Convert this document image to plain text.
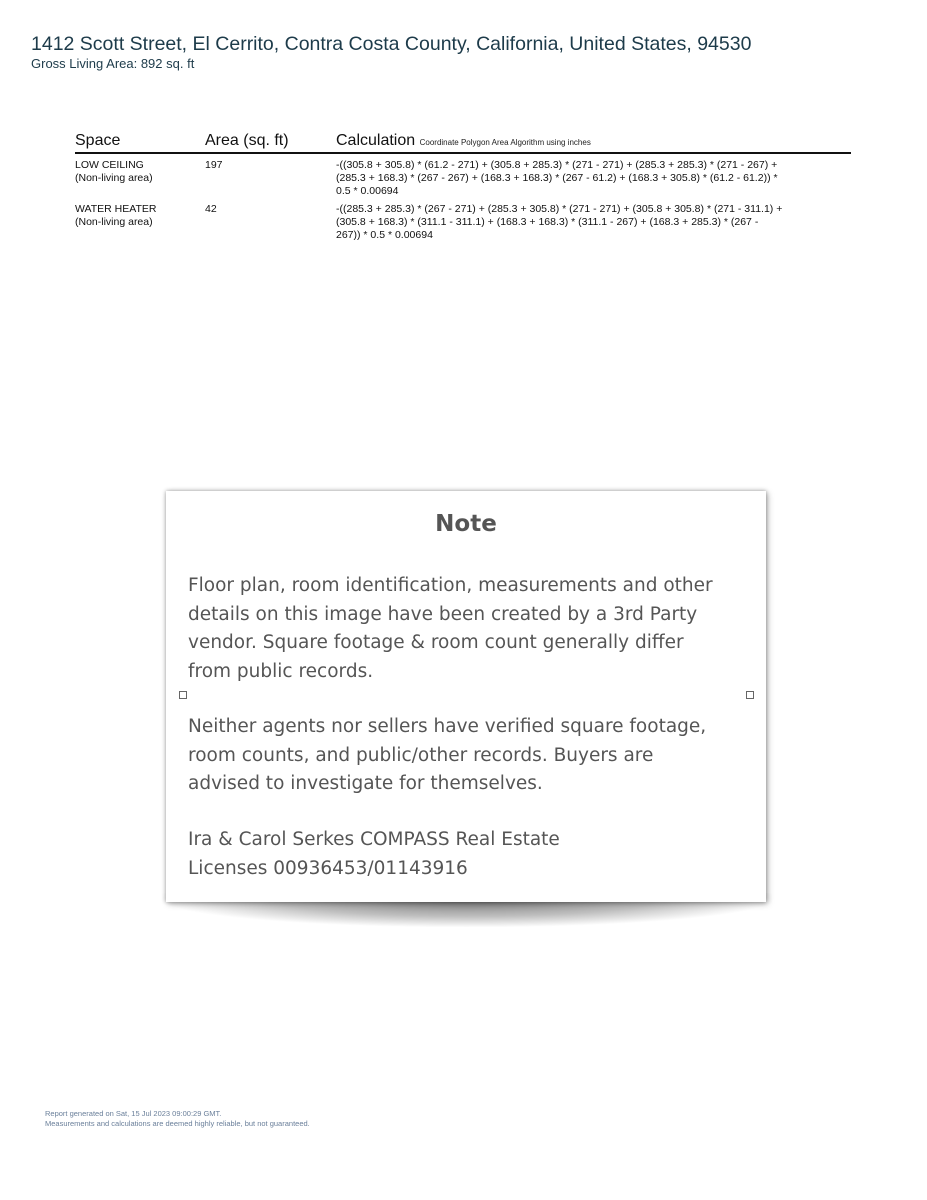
1412 Scott Street, El Cerrito, Contra Costa County, California, United States, 94530
Gross Living Area: 892 sq. ft
Space	Area (sq. ft)	Calculation Coordinate Polygon Area Algorithm using inches

LOW CEILING
(Non-living area)	197	-((305.8 + 305.8) * (61.2 - 271) + (305.8 + 285.3) * (271 - 271) + (285.3 + 285.3) * (271 - 267) +
(285.3 + 168.3) * (267 - 267) + (168.3 + 168.3) * (267 - 61.2) + (168.3 + 305.8) * (61.2 - 61.2)) *
0.5 * 0.00694

WATER HEATER
(Non-living area)	42	-((285.3 + 285.3) * (267 - 271) + (285.3 + 305.8) * (271 - 271) + (305.8 + 305.8) * (271 - 311.1) +
(305.8 + 168.3) * (311.1 - 311.1) + (168.3 + 168.3) * (311.1 - 267) + (168.3 + 285.3) * (267 -
267)) * 0.5 * 0.00694
Note

Floor plan, room identification, measurements and other
details on this image have been created by a 3rd Party
vendor. Square footage & room count generally differ
from public records.

Neither agents nor sellers have verified square footage,
room counts, and public/other records. Buyers are
advised to investigate for themselves.

Ira & Carol Serkes COMPASS Real Estate
Licenses 00936453/01143916

Report generated on Sat, 15 Jul 2023 09:00:29 GMT.
Measurements and calculations are deemed highly reliable, but not guaranteed.
